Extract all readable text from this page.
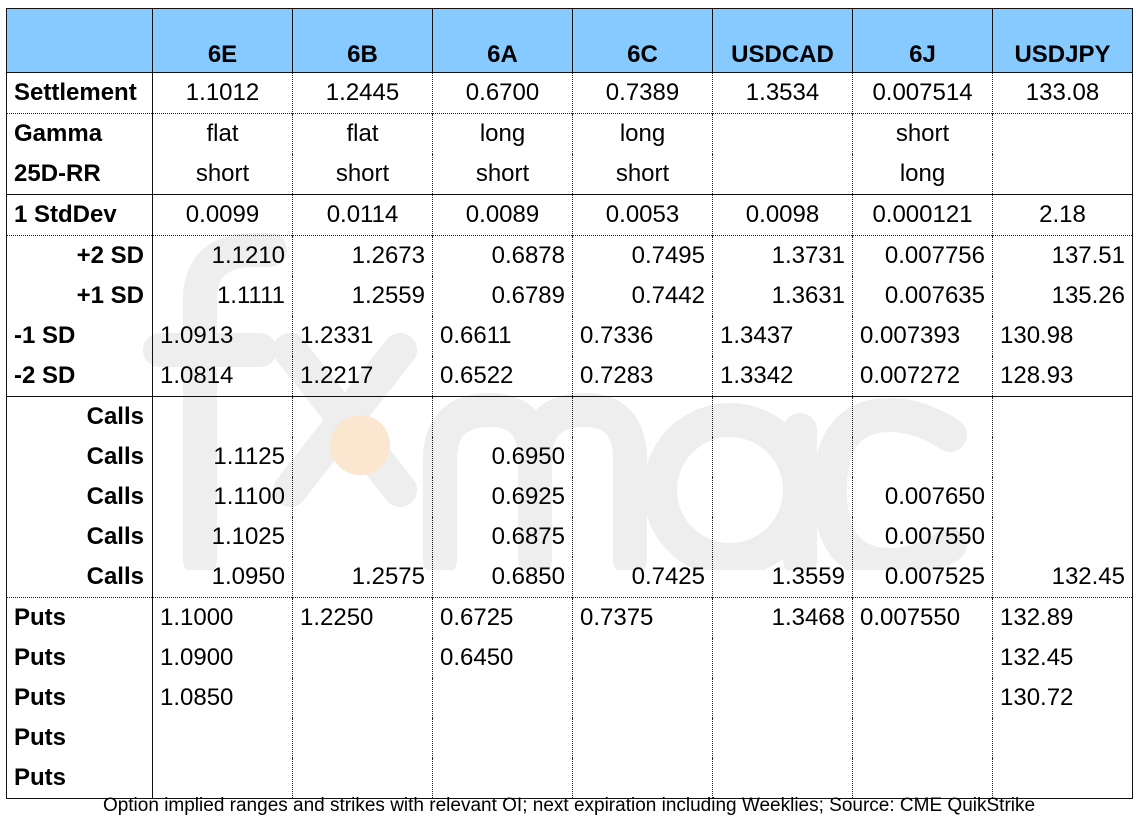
	6E	6B	6A	6C	USDCAD	6J	USDJPY
Settlement	1.1012	1.2445	0.6700	0.7389	1.3534	0.007514	133.08
Gamma	flat	flat	long	long		short	
25D-RR	short	short	short	short		long	
1 StdDev	0.0099	0.0114	0.0089	0.0053	0.0098	0.000121	2.18
+2 SD	1.1210	1.2673	0.6878	0.7495	1.3731	0.007756	137.51
+1 SD	1.1111	1.2559	0.6789	0.7442	1.3631	0.007635	135.26
-1 SD	1.0913	1.2331	0.6611	0.7336	1.3437	0.007393	130.98
-2 SD	1.0814	1.2217	0.6522	0.7283	1.3342	0.007272	128.93
Calls							
Calls	1.1125		0.6950				
Calls	1.1100		0.6925			0.007650	
Calls	1.1025		0.6875			0.007550	
Calls	1.0950	1.2575	0.6850	0.7425	1.3559	0.007525	132.45
Puts	1.1000	1.2250	0.6725	0.7375	1.3468	0.007550	132.89
Puts	1.0900		0.6450				132.45
Puts	1.0850						130.72
Puts							
Puts							
Option implied ranges and strikes with relevant OI; next expiration including Weeklies; Source: CME QuikStrike
